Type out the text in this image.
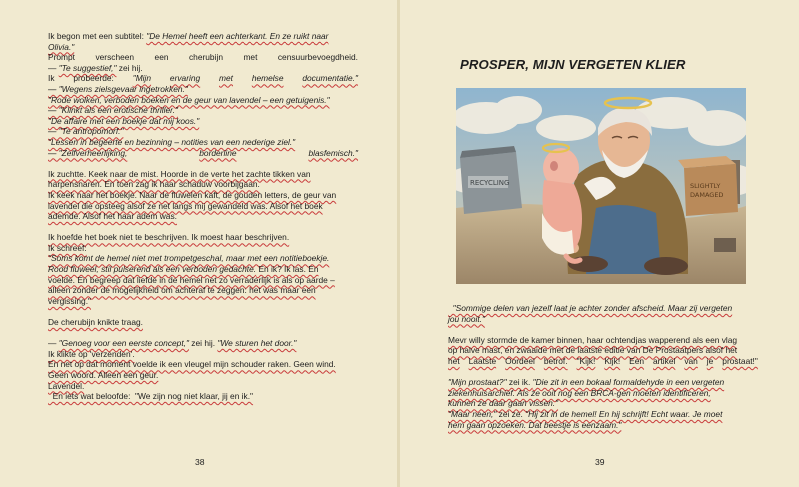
Ik begon met een subtitel: "De Hemel heeft een achterkant. En ze ruikt naar
Olivia."
Prompt verscheen een cherubijn met censuurbevoegdheid.
— "Te suggestief," zei hij.
Ik probeerde: "Mijn ervaring met hemelse documentatie."
— "Wegens zielsgevaar ingetrokken."
"Rode wolken, verboden boeken en de geur van lavendel – een getuigenis."
— "Klinkt als een erotische thriller."
"De affaire met een boekje dat mij koos."
— "Te antropomorf."
"Lessen in begeerte en bezinning – notities van een nederige ziel."
— "Zelfverheerlijking,	borderline	blasfemisch."
Ik zuchtte. Keek naar de mist. Hoorde in de verte het zachte tikken van
harpensnaren. En toen zag ik haar schaduw voorbijgaan.
Ik keek naar het boekje. Naar de fluwelen kaft, de gouden letters, de geur van
lavendel die opsteeg alsof ze net langs mij gewandeld was. Alsof het boek
ademde. Alsof het haar adem was.
Ik hoefde het boek niet te beschrijven. Ik moest haar beschrijven.
Ik schreef:
"Soms komt de hemel niet met trompetgeschal, maar met een notitieboekje.
Rood fluweel, stil pulserend als een verboden gedachte. En ik? Ik las. En
voelde. En begreep dat liefde in de hemel net zo verraderlijk is als op aarde –
alleen zonder de mogelijkheid om achteraf te zeggen: het was maar een
vergissing."
De cherubijn knikte traag.
— "Genoeg voor een eerste concept," zei hij. "We sturen het door."
Ik klikte op 'verzenden'.
En net op dat moment voelde ik een vleugel mijn schouder raken. Geen wind.
Geen woord. Alleen een geur.
Lavendel.
En iets wat beloofde:  "We zijn nog niet klaar, jij en ik."
38
PROSPER, MIJN VERGETEN KLIER
RECYCLING	SLIGHTLY
DAMAGED
"Sommige delen van jezelf laat je achter zonder afscheid. Maar zij vergeten
jou nooit."
Mevr willy stormde de kamer binnen, haar ochtendjas wapperend als een vlag
op halve mast, en zwaaide met de laatste editie van De Prostaatpers alsof het
het Laatste Oordeel betrof. "Kijk! Kijk! Een artikel van je prostaat!"
"Mijn prostaat?" zei ik. "Die zit in een bokaal formaldehyde in een vergeten
ziekenhuisarchief. Als ze ooit nog een BRCA-gen moeten identificeren,
kunnen ze daar gaan vissen."
"Maar neen," zei ze. "Hij zit in de hemel! En hij schrijft! Echt waar. Je moet
hem gaan opzoeken. Dat beestje is eenzaam."
39
